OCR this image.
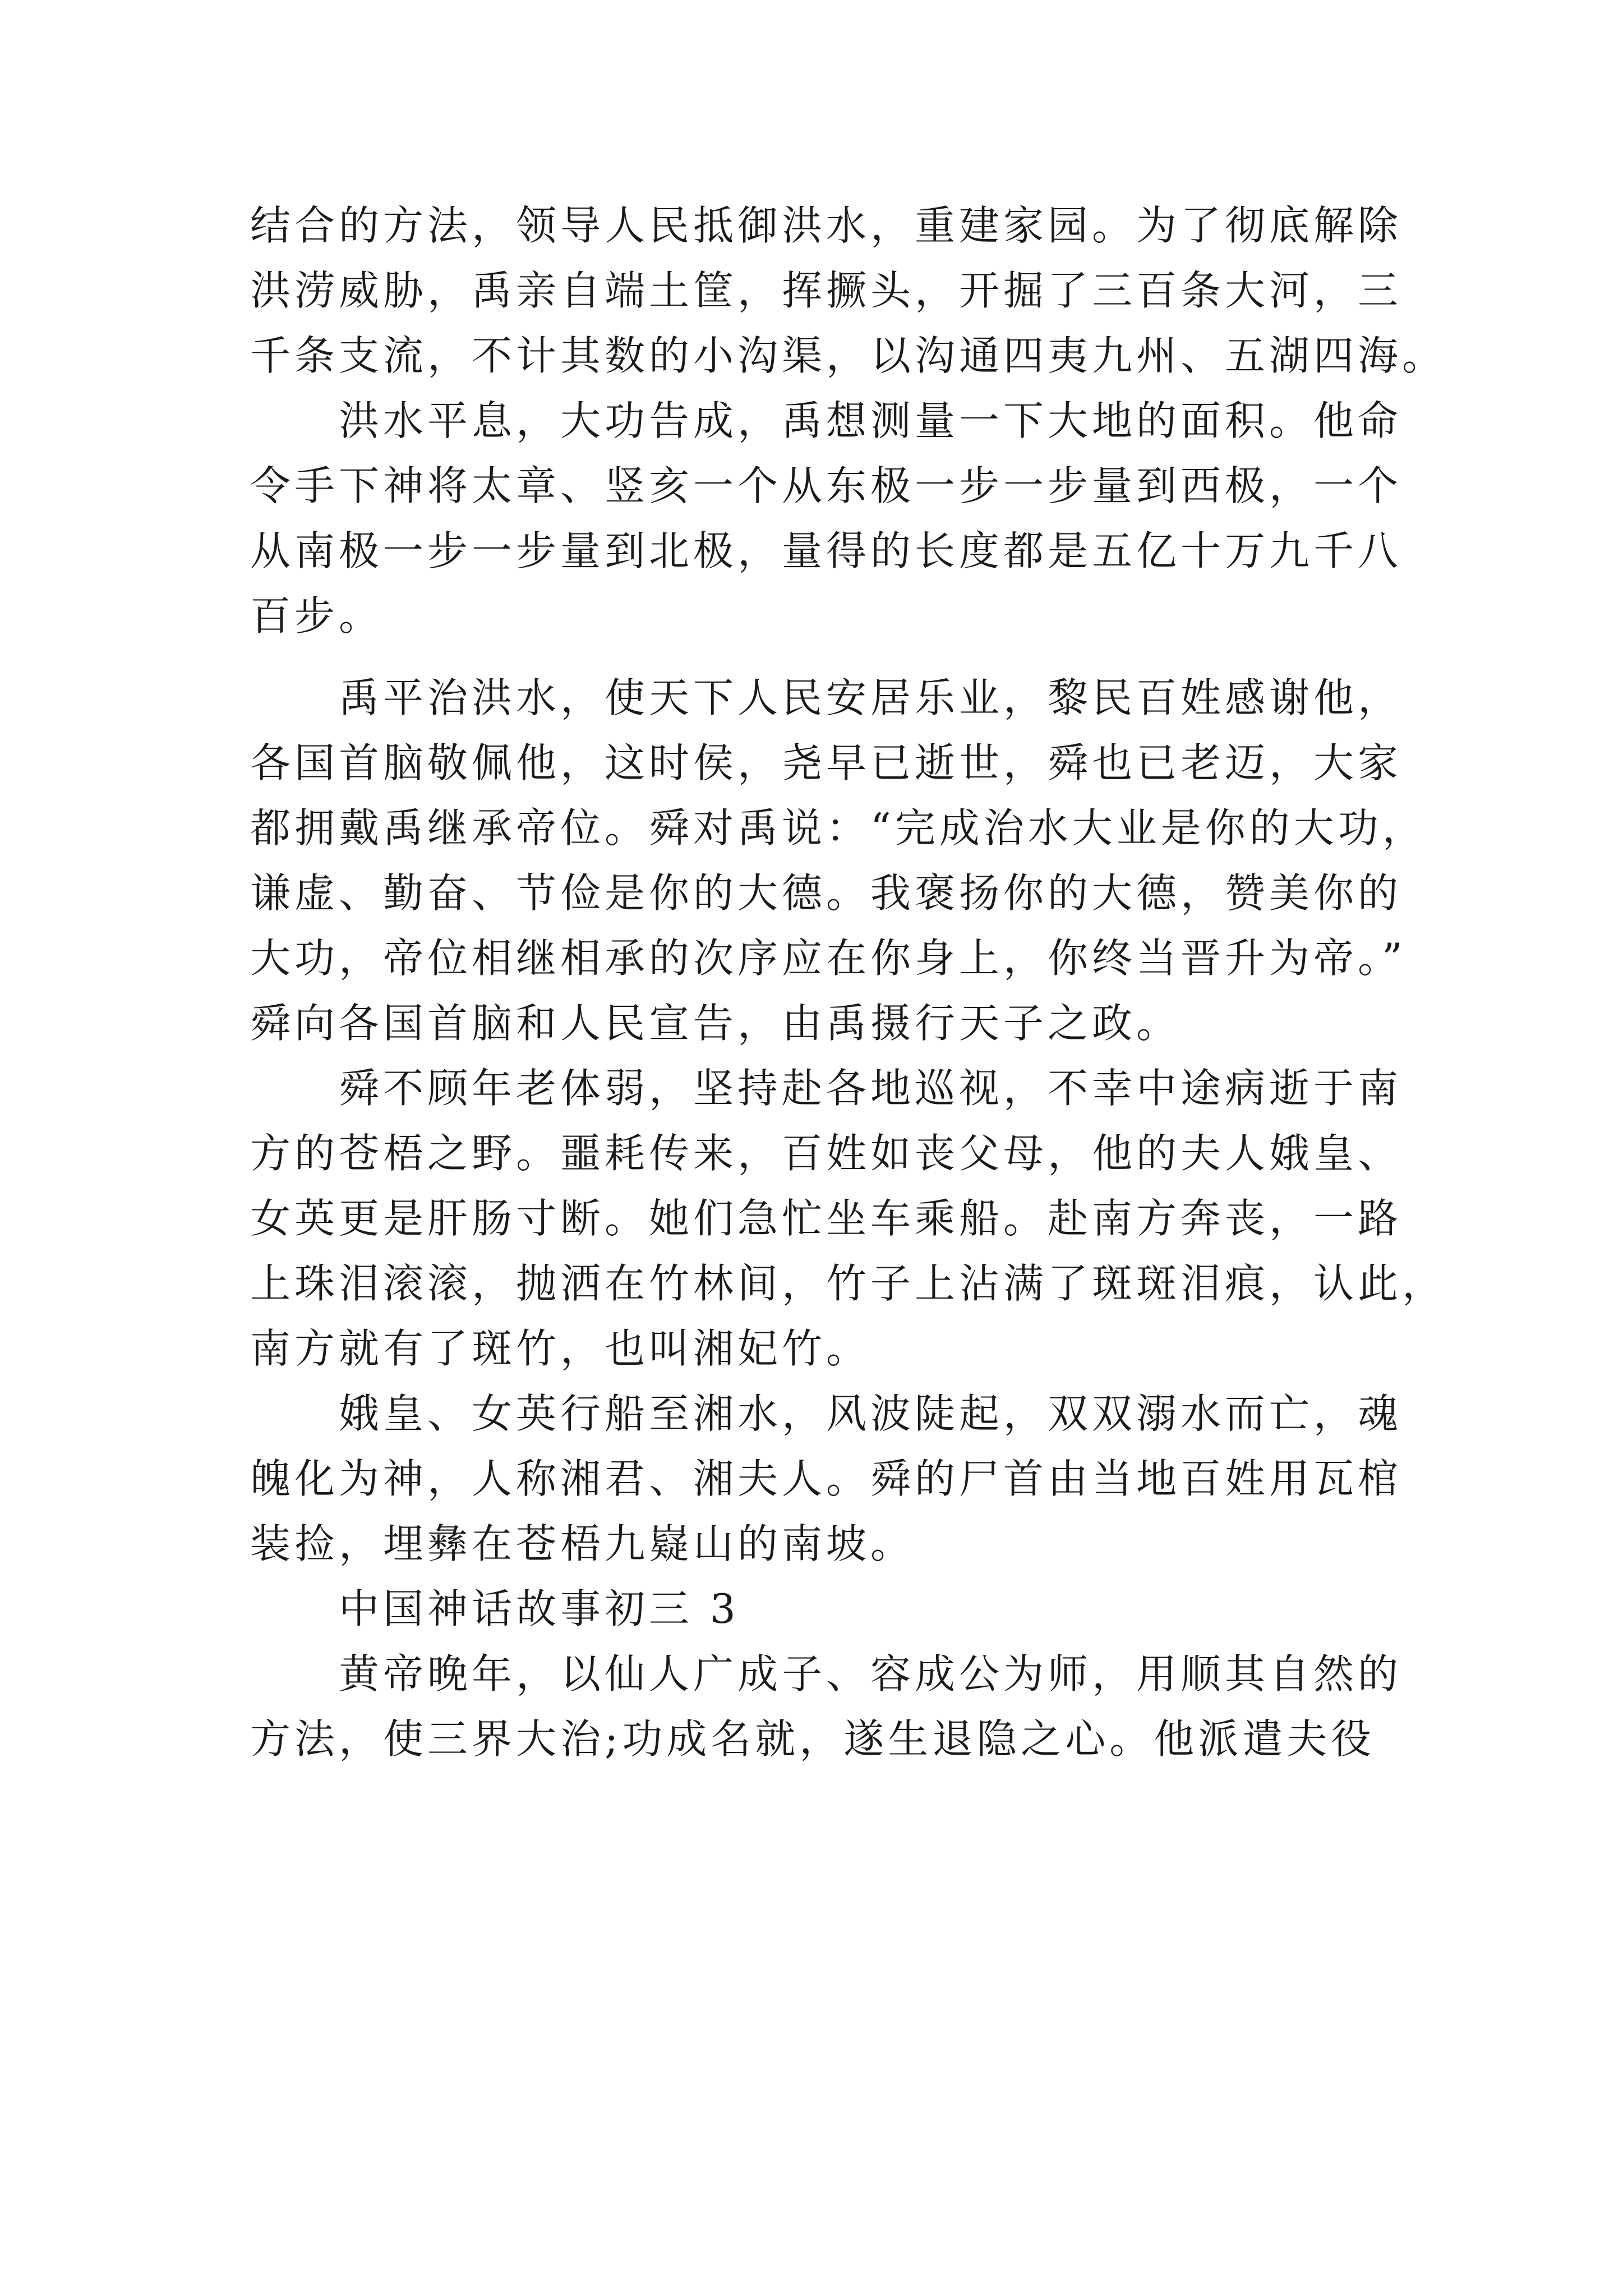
结合的方法，领导人民抵御洪水，重建家园。为了彻底解除
洪涝威胁，禹亲自端土筐，挥撅头，开掘了三百条大河，三
千条支流，不计其数的小沟渠，以沟通四夷九州、五湖四海。
　　洪水平息，大功告成，禹想测量一下大地的面积。他命
令手下神将太章、竖亥一个从东极一步一步量到西极，一个
从南极一步一步量到北极，量得的长度都是五亿十万九千八
百步。
　　禹平治洪水，使天下人民安居乐业，黎民百姓感谢他，
各国首脑敬佩他，这时侯，尧早已逝世，舜也已老迈，大家
都拥戴禹继承帝位。舜对禹说：“完成治水大业是你的大功，
谦虚、勤奋、节俭是你的大德。我褒扬你的大德，赞美你的
大功，帝位相继相承的次序应在你身上，你终当晋升为帝。”
舜向各国首脑和人民宣告，由禹摄行天子之政。
　　舜不顾年老体弱，坚持赴各地巡视，不幸中途病逝于南
方的苍梧之野。噩耗传来，百姓如丧父母，他的夫人娥皇、
女英更是肝肠寸断。她们急忙坐车乘船。赴南方奔丧，一路
上珠泪滚滚，抛洒在竹林间，竹子上沾满了斑斑泪痕，认此，
南方就有了斑竹，也叫湘妃竹。
　　娥皇、女英行船至湘水，风波陡起，双双溺水而亡，魂
魄化为神，人称湘君、湘夫人。舜的尸首由当地百姓用瓦棺
装捡，埋彝在苍梧九嶷山的南坡。
　　中国神话故事初三 3
　　黄帝晚年，以仙人广成子、容成公为师，用顺其自然的
方法，使三界大治;功成名就，遂生退隐之心。他派遣夫役
